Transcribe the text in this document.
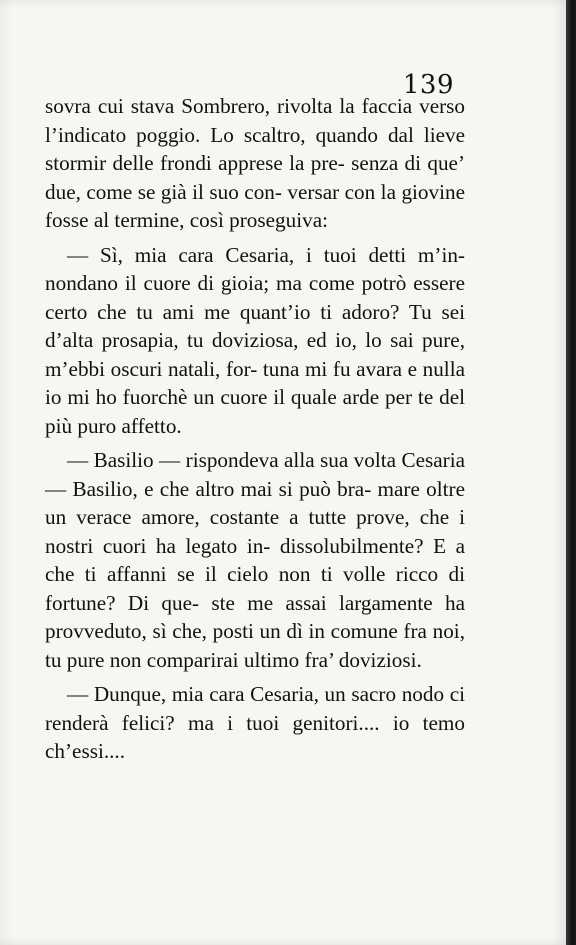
139

sovra cui stava Sombrero, rivolta la faccia verso l’indicato poggio. Lo scaltro, quando dal lieve stormir delle frondi apprese la pre- senza di que’ due, come se già il suo con- versar con la giovine fosse al termine, così proseguiva:

— Sì, mia cara Cesaria, i tuoi detti m’in- nondano il cuore di gioia; ma come potrò essere certo che tu ami me quant’io ti adoro? Tu sei d’alta prosapia, tu doviziosa, ed io, lo sai pure, m’ebbi oscuri natali, for- tuna mi fu avara e nulla io mi ho fuorchè un cuore il quale arde per te del più puro affetto.

— Basilio — rispondeva alla sua volta Cesaria — Basilio, e che altro mai si può bra- mare oltre un verace amore, costante a tutte prove, che i nostri cuori ha legato in- dissolubilmente? E a che ti affanni se il cielo non ti volle ricco di fortune? Di que- ste me assai largamente ha provveduto, sì che, posti un dì in comune fra noi, tu pure non comparirai ultimo fra’ doviziosi.

— Dunque, mia cara Cesaria, un sacro nodo ci renderà felici? ma i tuoi genitori.... io temo ch’essi....
